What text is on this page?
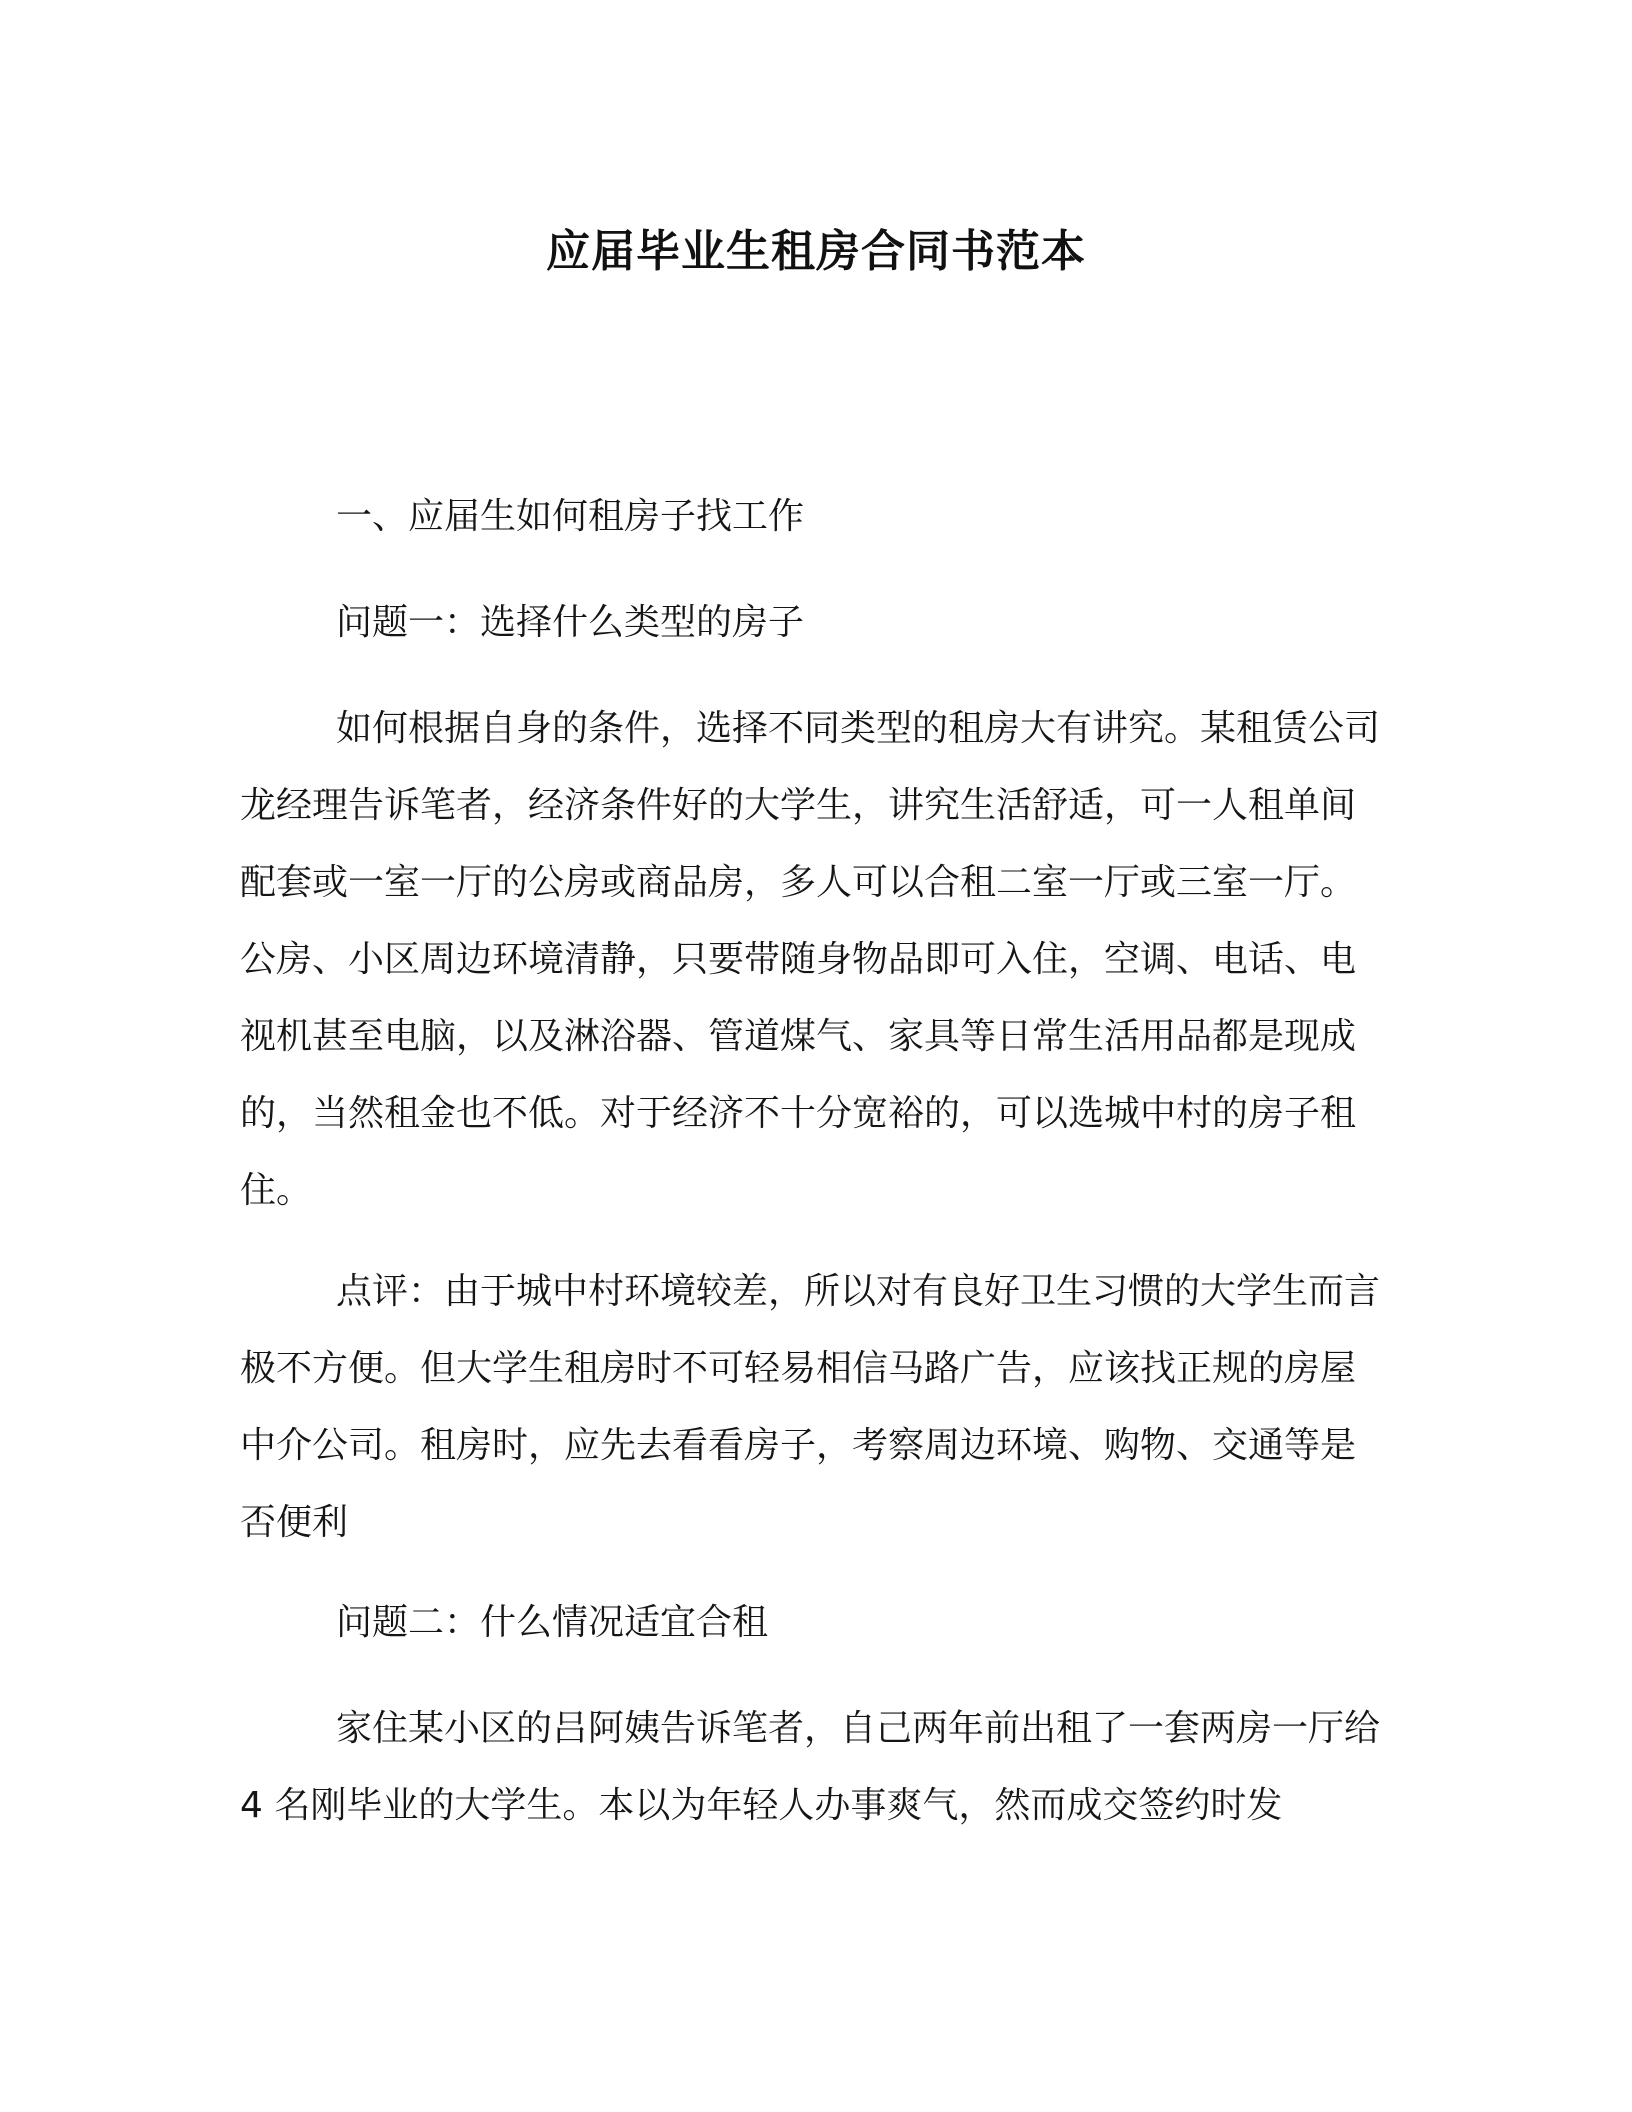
应届毕业生租房合同书范本

一、应届生如何租房子找工作

问题一：选择什么类型的房子

如何根据自身的条件，选择不同类型的租房大有讲究。某租赁公司龙经理告诉笔者，经济条件好的大学生，讲究生活舒适，可一人租单间配套或一室一厅的公房或商品房，多人可以合租二室一厅或三室一厅。公房、小区周边环境清静，只要带随身物品即可入住，空调、电话、电视机甚至电脑，以及淋浴器、管道煤气、家具等日常生活用品都是现成的，当然租金也不低。对于经济不十分宽裕的，可以选城中村的房子租住。

点评：由于城中村环境较差，所以对有良好卫生习惯的大学生而言极不方便。但大学生租房时不可轻易相信马路广告，应该找正规的房屋中介公司。租房时，应先去看看房子，考察周边环境、购物、交通等是否便利

问题二：什么情况适宜合租

家住某小区的吕阿姨告诉笔者，自己两年前出租了一套两房一厅给 4 名刚毕业的大学生。本以为年轻人办事爽气，然而成交签约时发
